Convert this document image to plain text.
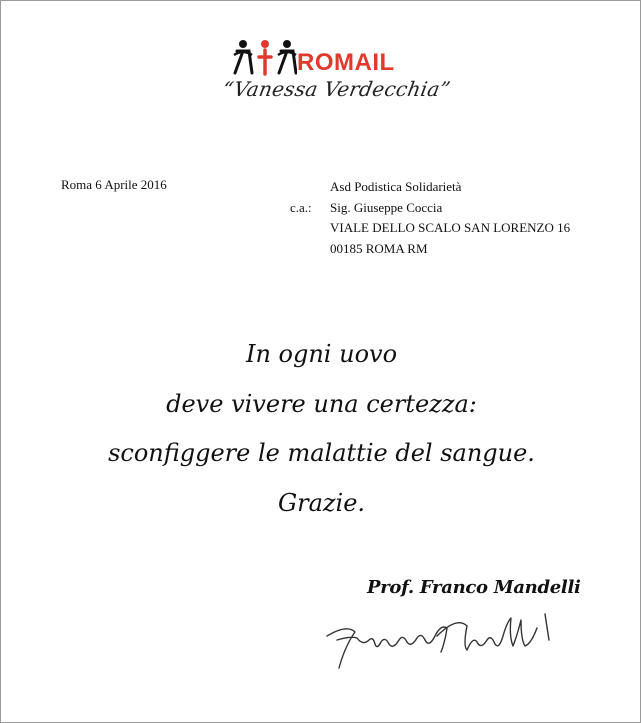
ROMAIL
“Vanessa Verdecchia”
Roma 6 Aprile 2016	Asd Podistica Solidarietà
c.a.:	Sig. Giuseppe Coccia
VIALE DELLO SCALO SAN LORENZO 16
00185 ROMA RM
In ogni uovo
deve vivere una certezza:
sconfiggere le malattie del sangue.
Grazie.
Prof. Franco Mandelli
